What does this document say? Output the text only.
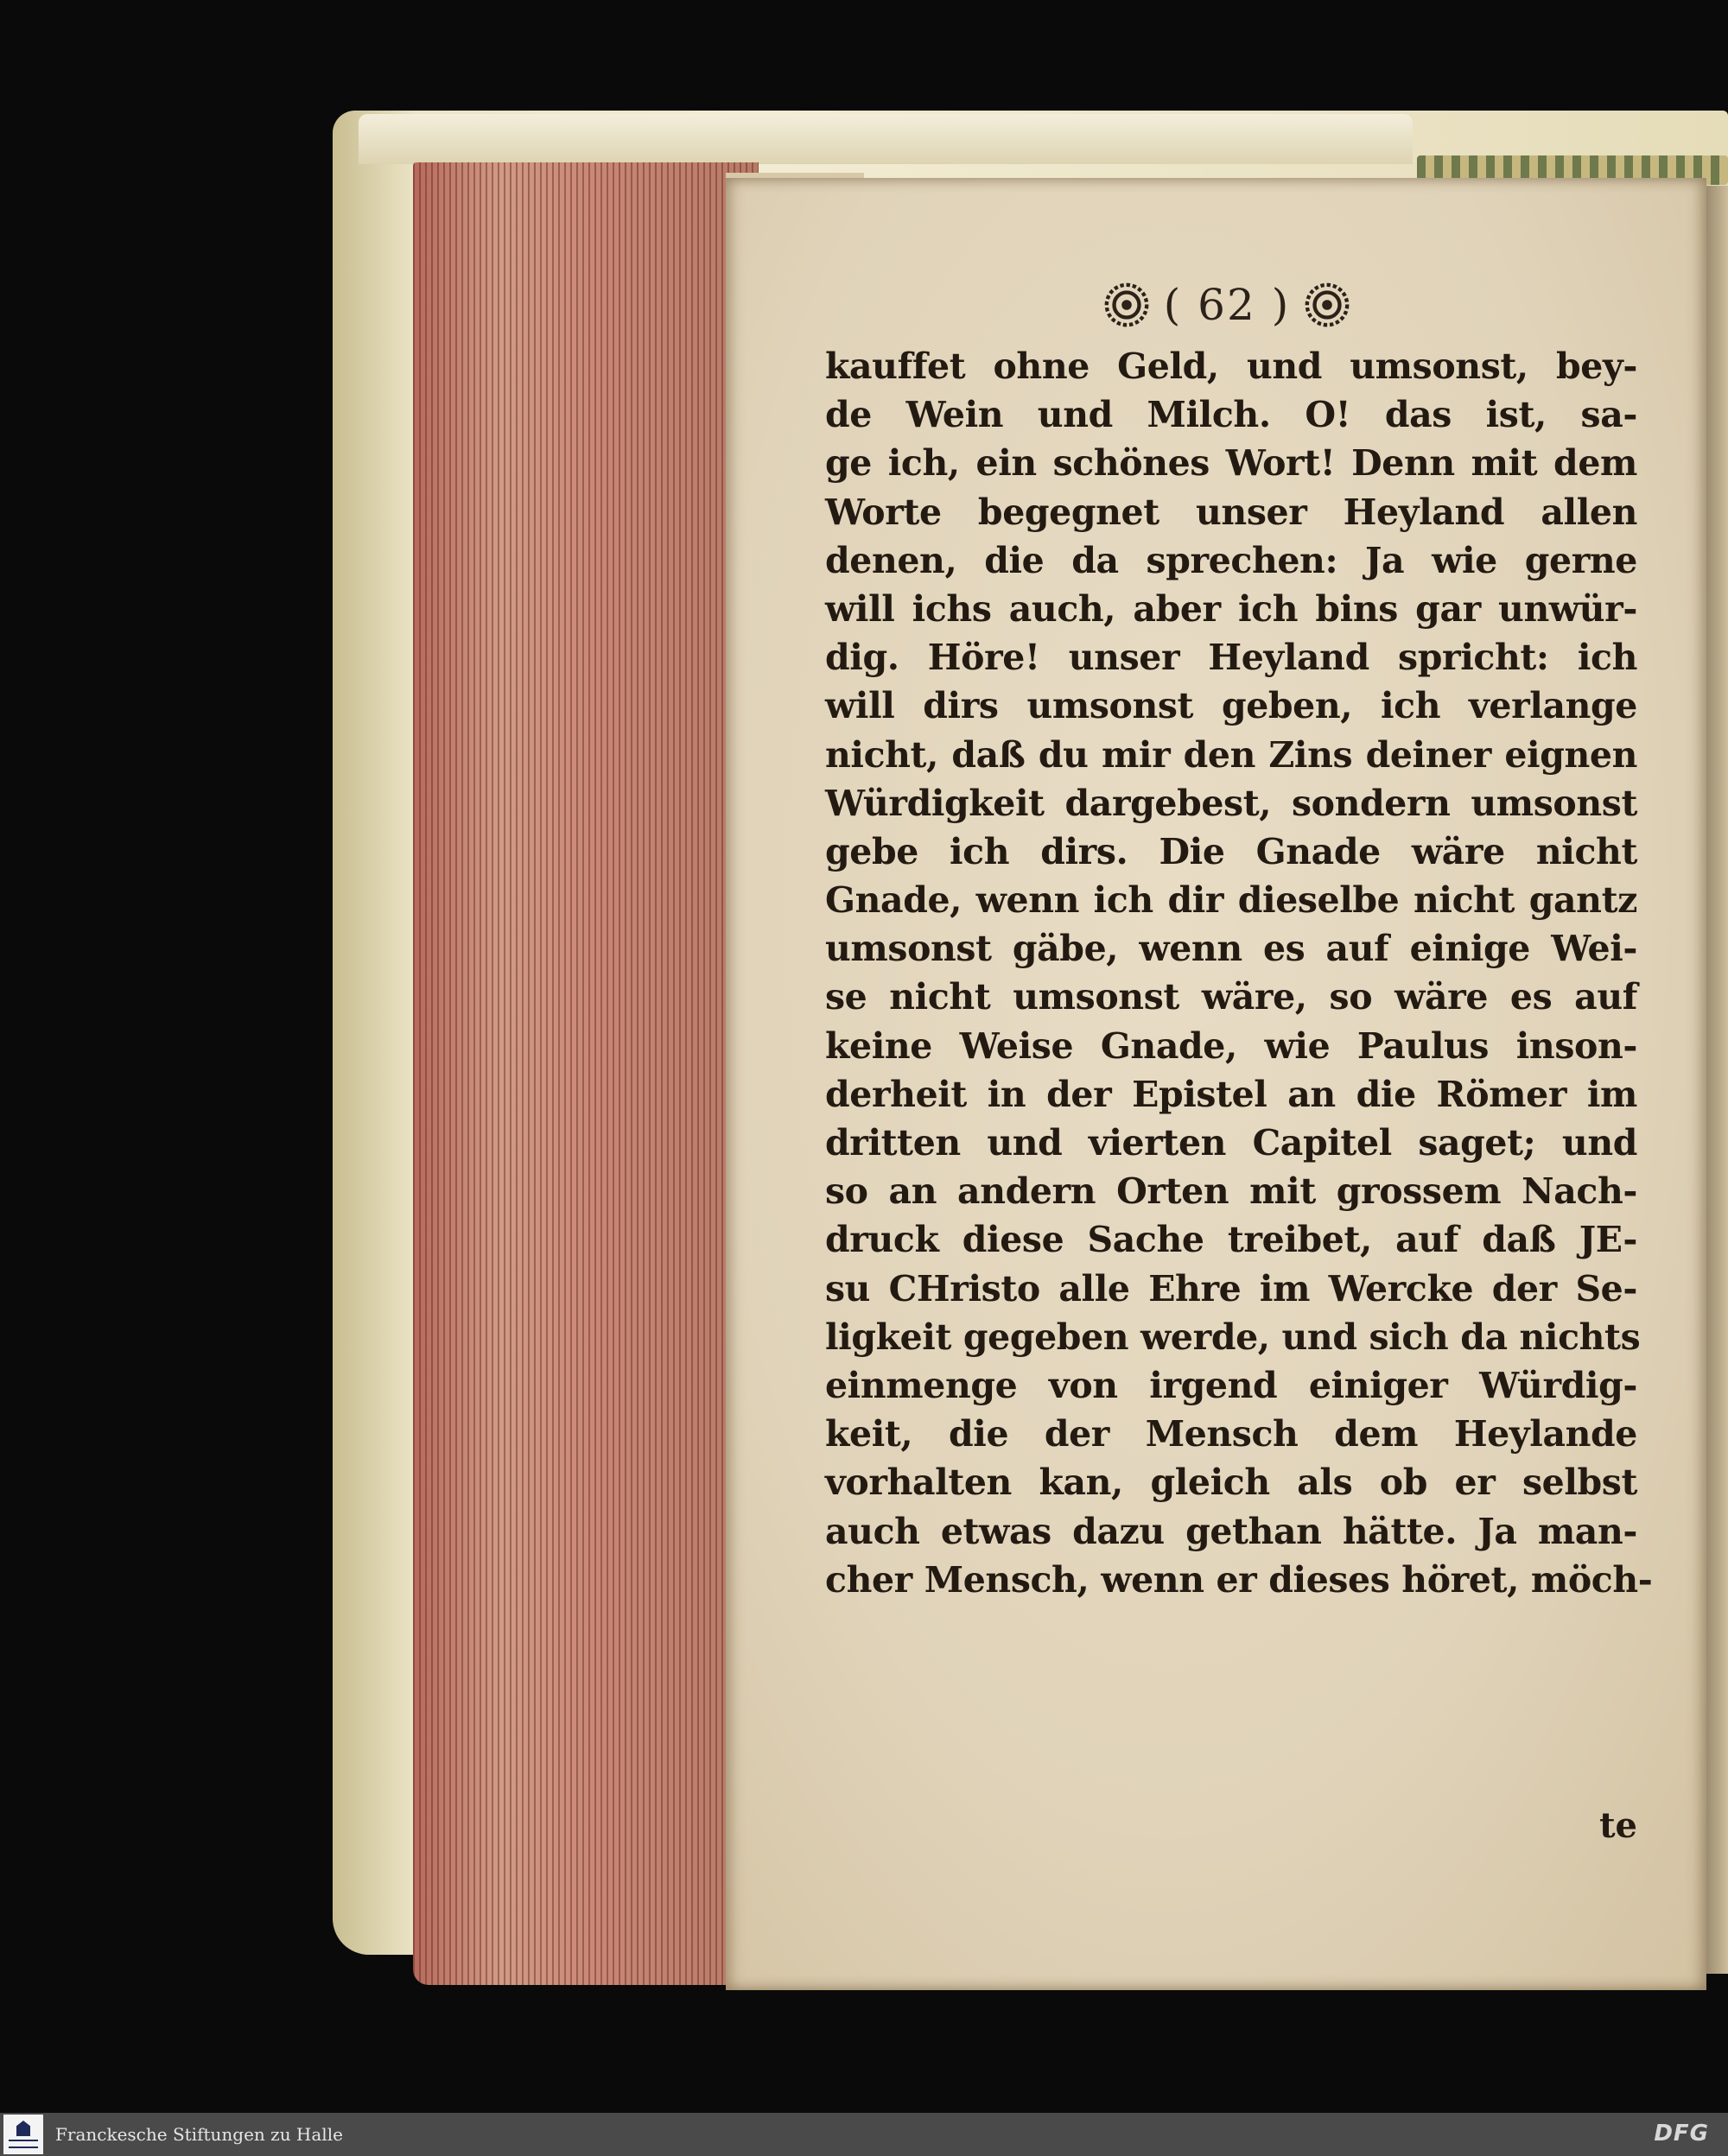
( 62 )
kauffet ohne Geld, und umsonst, bey-
de Wein und Milch. O! das ist, sa-
ge ich, ein schönes Wort! Denn mit dem
Worte begegnet unser Heyland allen
denen, die da sprechen: Ja wie gerne
will ichs auch, aber ich bins gar unwür-
dig. Höre! unser Heyland spricht: ich
will dirs umsonst geben, ich verlange
nicht, daß du mir den Zins deiner eignen
Würdigkeit dargebest, sondern umsonst
gebe ich dirs. Die Gnade wäre nicht
Gnade, wenn ich dir dieselbe nicht gantz
umsonst gäbe, wenn es auf einige Wei-
se nicht umsonst wäre, so wäre es auf
keine Weise Gnade, wie Paulus inson-
derheit in der Epistel an die Römer im
dritten und vierten Capitel saget; und
so an andern Orten mit grossem Nach-
druck diese Sache treibet, auf daß JE-
su CHristo alle Ehre im Wercke der Se-
ligkeit gegeben werde, und sich da nichts
einmenge von irgend einiger Würdig-
keit, die der Mensch dem Heylande
vorhalten kan, gleich als ob er selbst
auch etwas dazu gethan hätte. Ja man-
cher Mensch, wenn er dieses höret, möch-
te
Franckesche Stiftungen zu Halle	DFG
